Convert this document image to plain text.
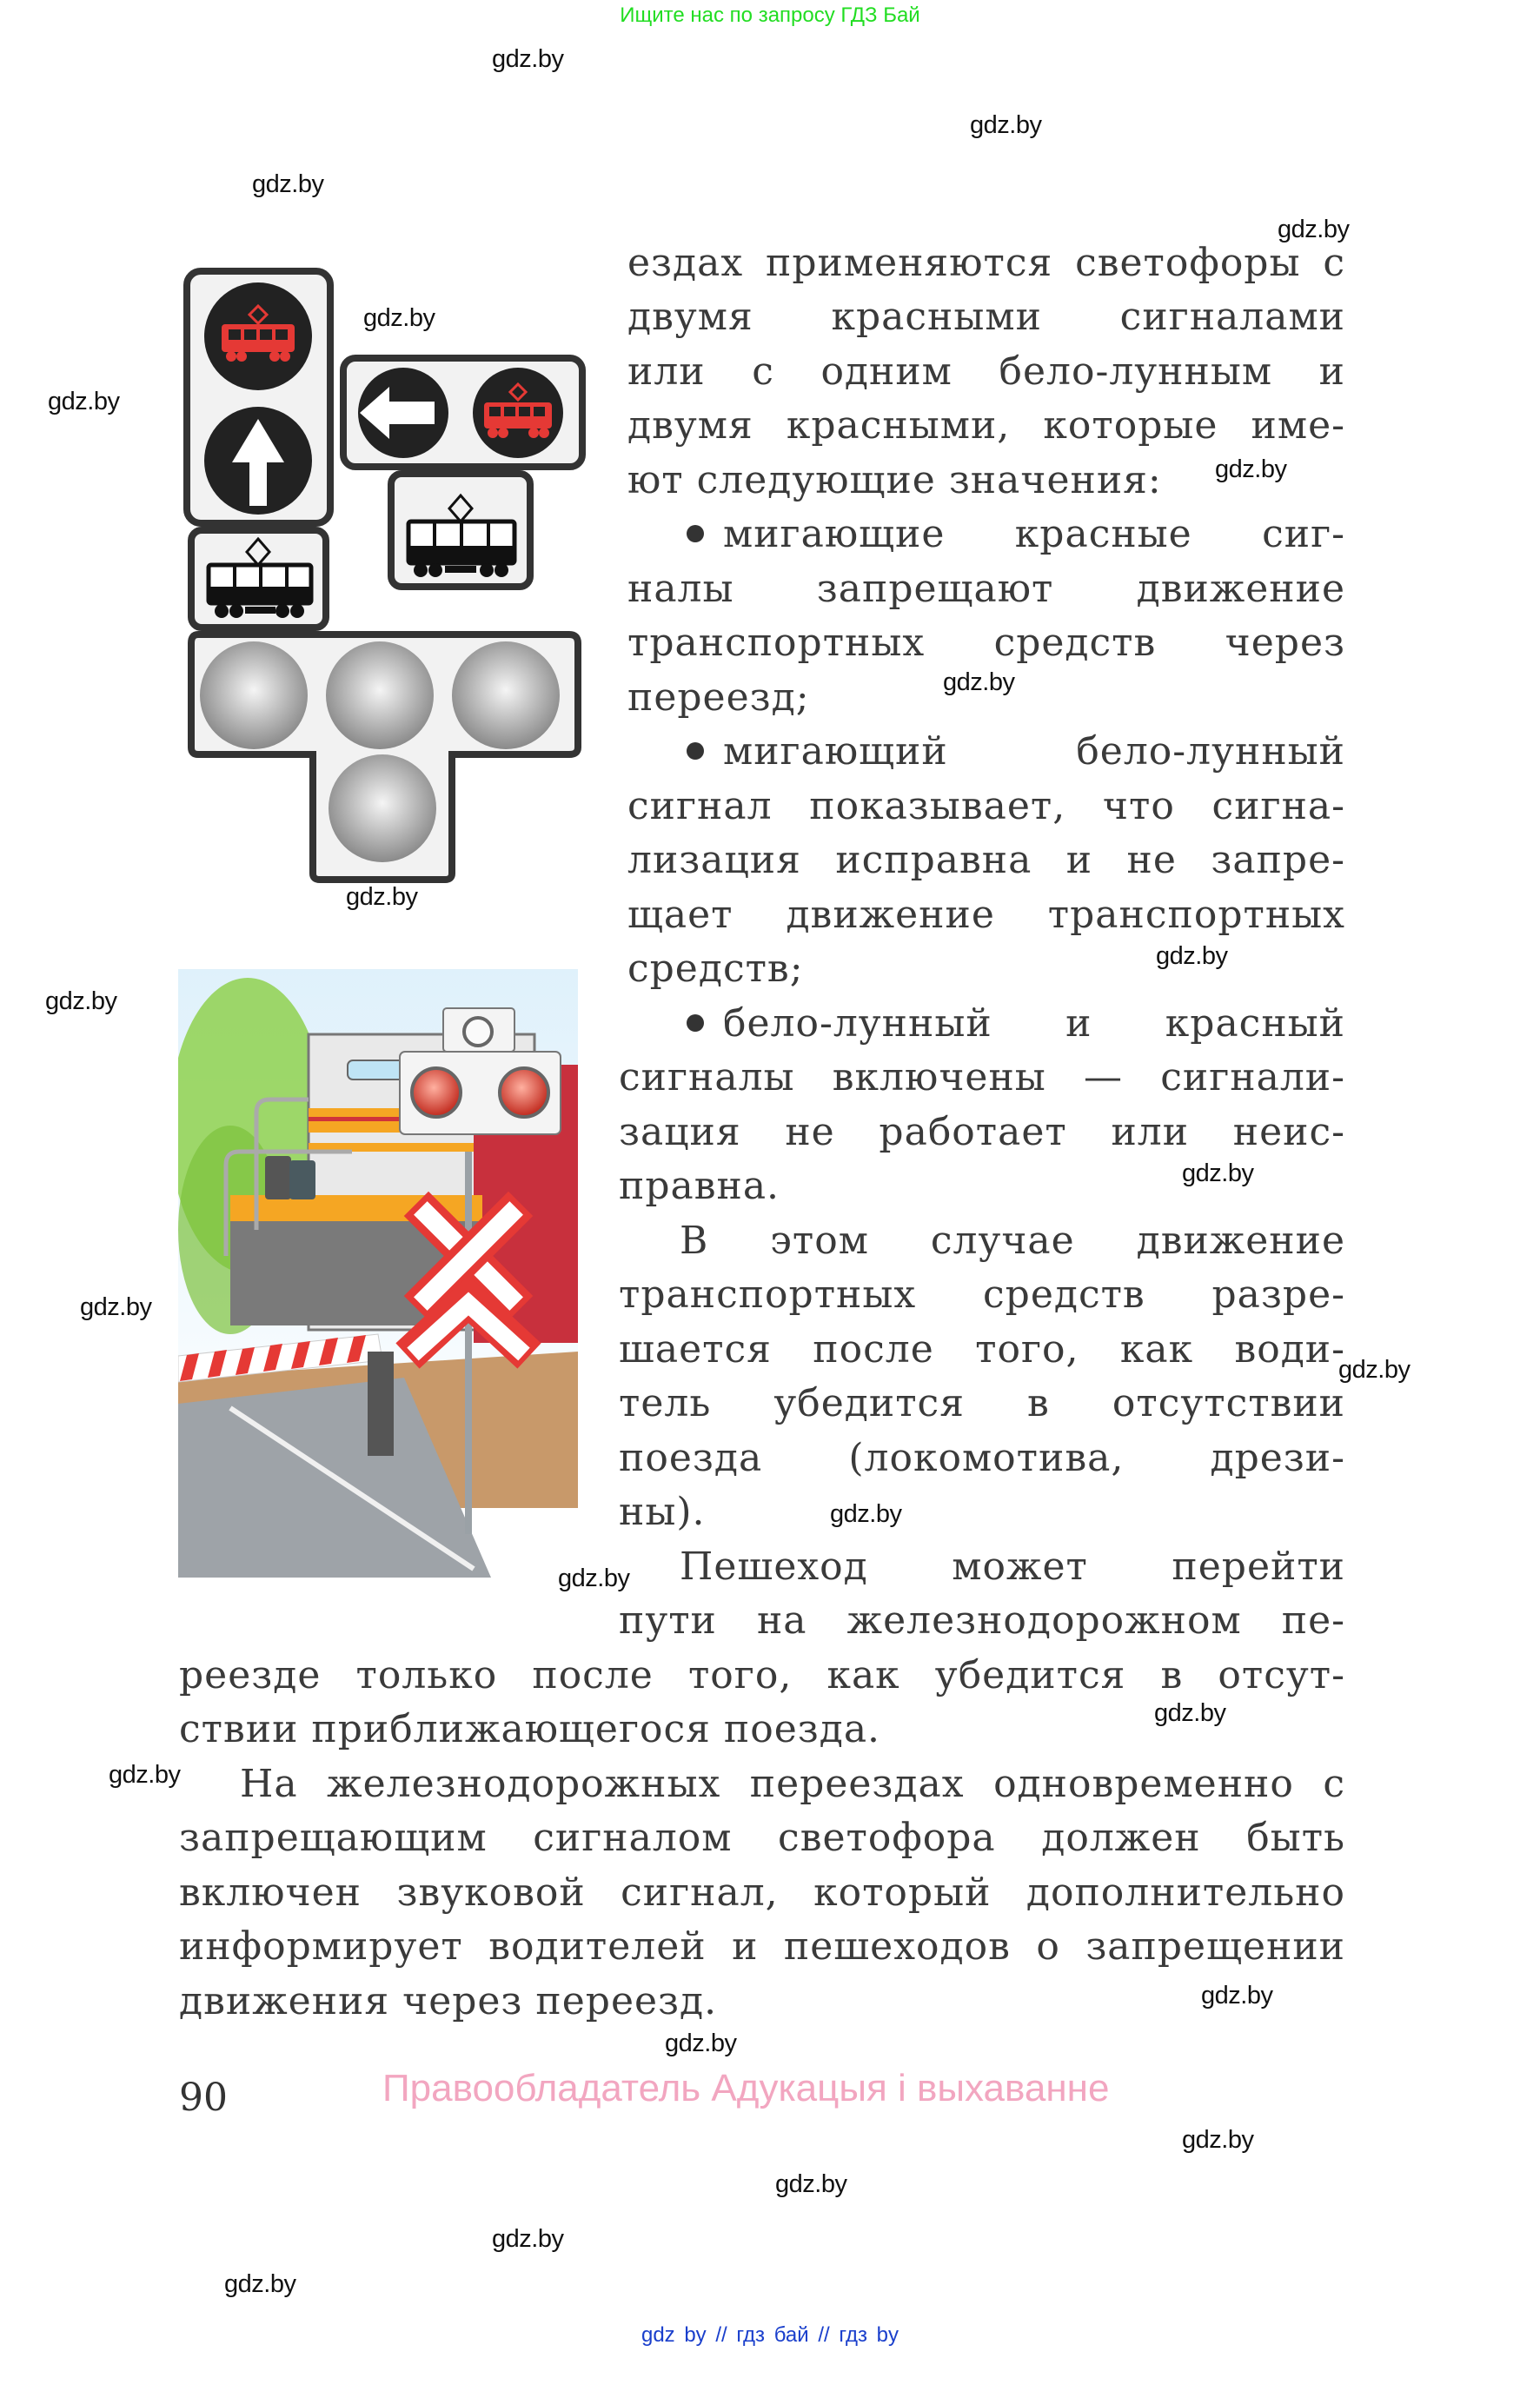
Ищите нас по запросу ГДЗ Бай
gdz.by
gdz.by
gdz.by
gdz.by
gdz.by
gdz.by
gdz.by
gdz.by
gdz.by
gdz.by
gdz.by
gdz.by
gdz.by
gdz.by
gdz.by
gdz.by
gdz.by
gdz.by
gdz.by
gdz.by
gdz.by
gdz.by
gdz.by
gdz.by
ездах применяются светофоры с
двумя красными сигналами
или с одним бело-лунным и
двумя красными, которые име-
ют следующие значения:
мигающие красные сиг-
налы запрещают движение
транспортных средств через
переезд;
мигающий бело-лунный
сигнал показывает, что сигна-
лизация исправна и не запре-
щает движение транспортных
средств;
бело-лунный и красный
сигналы включены — сигнали-
зация не работает или неис-
правна.
В этом случае движение
транспортных средств разре-
шается после того, как води-
тель убедится в отсутствии
поезда (локомотива, дрези-
ны).
Пешеход может перейти
пути на железнодорожном пе-
реезде только после того, как убедится в отсут-
ствии приближающегося поезда.
На железнодорожных переездах одновременно с
запрещающим сигналом светофора должен быть
включен звуковой сигнал, который дополнительно
информирует водителей и пешеходов о запрещении
движения через переезд.
90	Правообладатель Адукацыя і выхаванне
gdz by // гдз бай // гдз by
